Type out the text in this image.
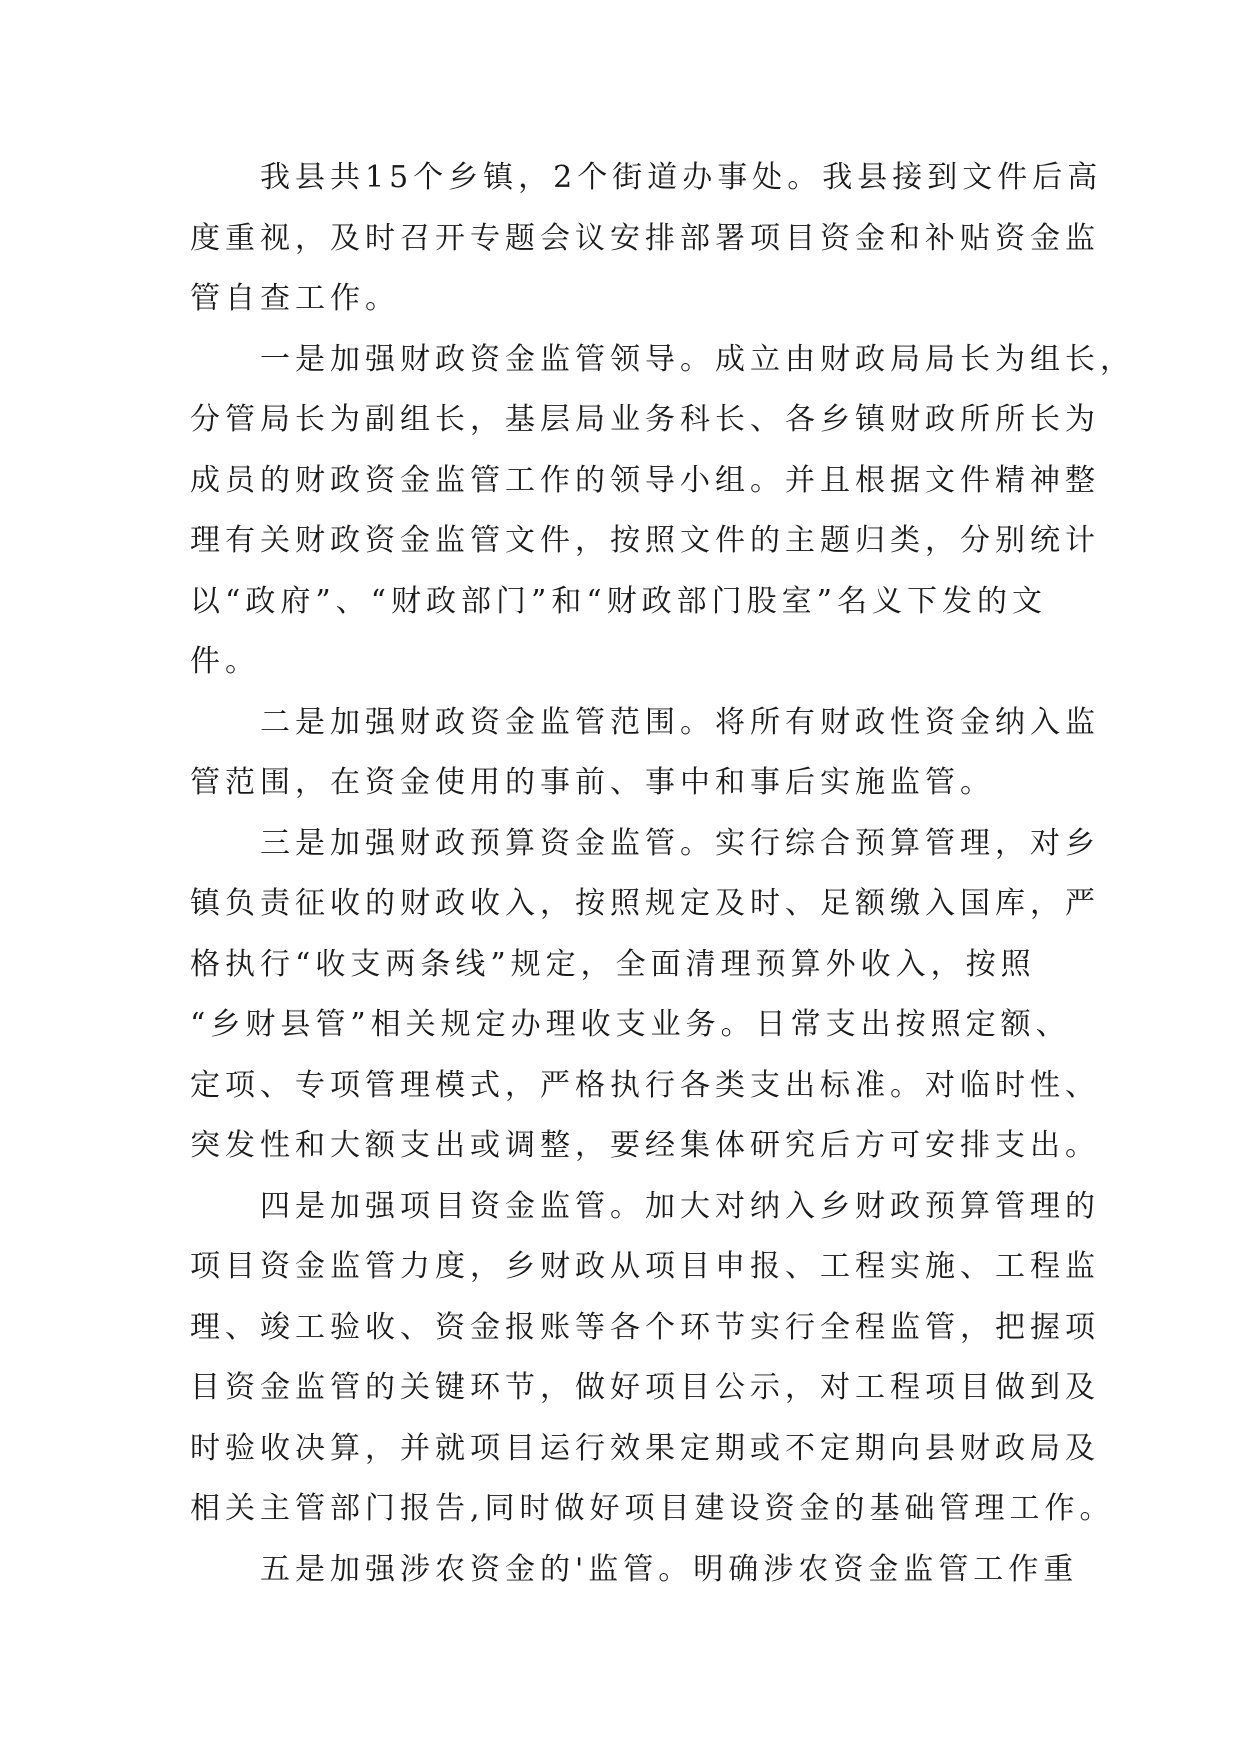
　　我县共15个乡镇，2个街道办事处。我县接到文件后高
度重视，及时召开专题会议安排部署项目资金和补贴资金监
管自查工作。
　　一是加强财政资金监管领导。成立由财政局局长为组长，
分管局长为副组长，基层局业务科长、各乡镇财政所所长为
成员的财政资金监管工作的领导小组。并且根据文件精神整
理有关财政资金监管文件，按照文件的主题归类，分别统计
以“政府”、“财政部门”和“财政部门股室”名义下发的文
件。
　　二是加强财政资金监管范围。将所有财政性资金纳入监
管范围，在资金使用的事前、事中和事后实施监管。
　　三是加强财政预算资金监管。实行综合预算管理，对乡
镇负责征收的财政收入，按照规定及时、足额缴入国库，严
格执行“收支两条线”规定，全面清理预算外收入，按照
“乡财县管”相关规定办理收支业务。日常支出按照定额、
定项、专项管理模式，严格执行各类支出标准。对临时性、
突发性和大额支出或调整，要经集体研究后方可安排支出。
　　四是加强项目资金监管。加大对纳入乡财政预算管理的
项目资金监管力度，乡财政从项目申报、工程实施、工程监
理、竣工验收、资金报账等各个环节实行全程监管，把握项
目资金监管的关键环节，做好项目公示，对工程项目做到及
时验收决算，并就项目运行效果定期或不定期向县财政局及
相关主管部门报告,同时做好项目建设资金的基础管理工作。
　　五是加强涉农资金的'监管。明确涉农资金监管工作重
